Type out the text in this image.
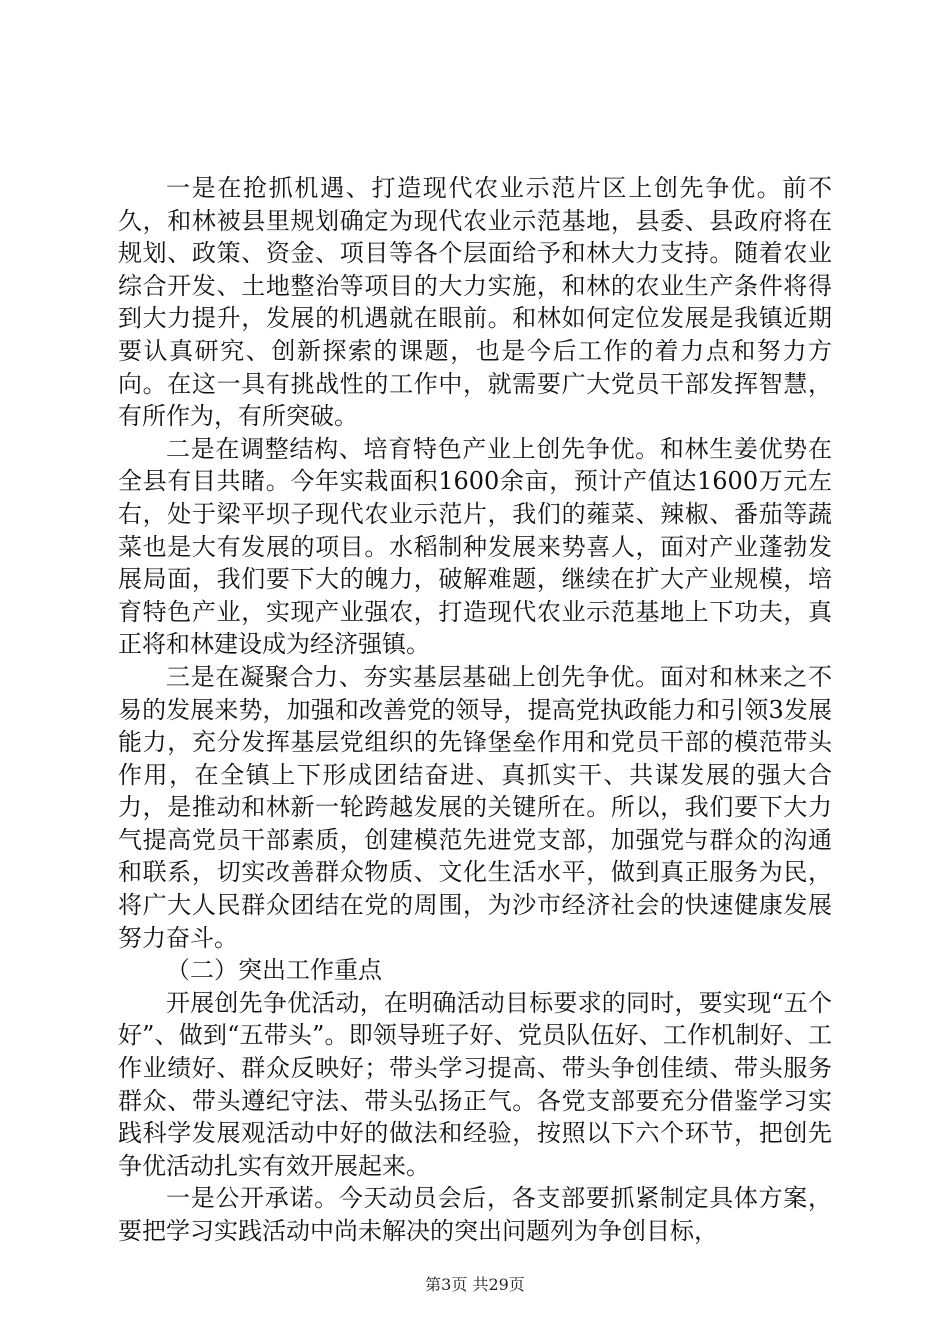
一是在抢抓机遇、打造现代农业示范片区上创先争优。前不久，和林被县里规划确定为现代农业示范基地，县委、县政府将在规划、政策、资金、项目等各个层面给予和林大力支持。随着农业综合开发、土地整治等项目的大力实施，和林的农业生产条件将得到大力提升，发展的机遇就在眼前。和林如何定位发展是我镇近期要认真研究、创新探索的课题，也是今后工作的着力点和努力方向。在这一具有挑战性的工作中，就需要广大党员干部发挥智慧，有所作为，有所突破。

二是在调整结构、培育特色产业上创先争优。和林生姜优势在全县有目共睹。今年实栽面积1600余亩，预计产值达1600万元左右，处于梁平坝子现代农业示范片，我们的蕹菜、辣椒、番茄等蔬菜也是大有发展的项目。水稻制种发展来势喜人，面对产业蓬勃发展局面，我们要下大的魄力，破解难题，继续在扩大产业规模，培育特色产业，实现产业强农，打造现代农业示范基地上下功夫，真正将和林建设成为经济强镇。

三是在凝聚合力、夯实基层基础上创先争优。面对和林来之不易的发展来势，加强和改善党的领导，提高党执政能力和引领3发展能力，充分发挥基层党组织的先锋堡垒作用和党员干部的模范带头作用，在全镇上下形成团结奋进、真抓实干、共谋发展的强大合力，是推动和林新一轮跨越发展的关键所在。所以，我们要下大力气提高党员干部素质，创建模范先进党支部，加强党与群众的沟通和联系，切实改善群众物质、文化生活水平，做到真正服务为民，将广大人民群众团结在党的周围，为沙市经济社会的快速健康发展努力奋斗。

（二）突出工作重点

开展创先争优活动，在明确活动目标要求的同时，要实现“五个好”、做到“五带头”。即领导班子好、党员队伍好、工作机制好、工作业绩好、群众反映好；带头学习提高、带头争创佳绩、带头服务群众、带头遵纪守法、带头弘扬正气。各党支部要充分借鉴学习实践科学发展观活动中好的做法和经验，按照以下六个环节，把创先争优活动扎实有效开展起来。

一是公开承诺。今天动员会后，各支部要抓紧制定具体方案，要把学习实践活动中尚未解决的突出问题列为争创目标，

第3页 共29页
